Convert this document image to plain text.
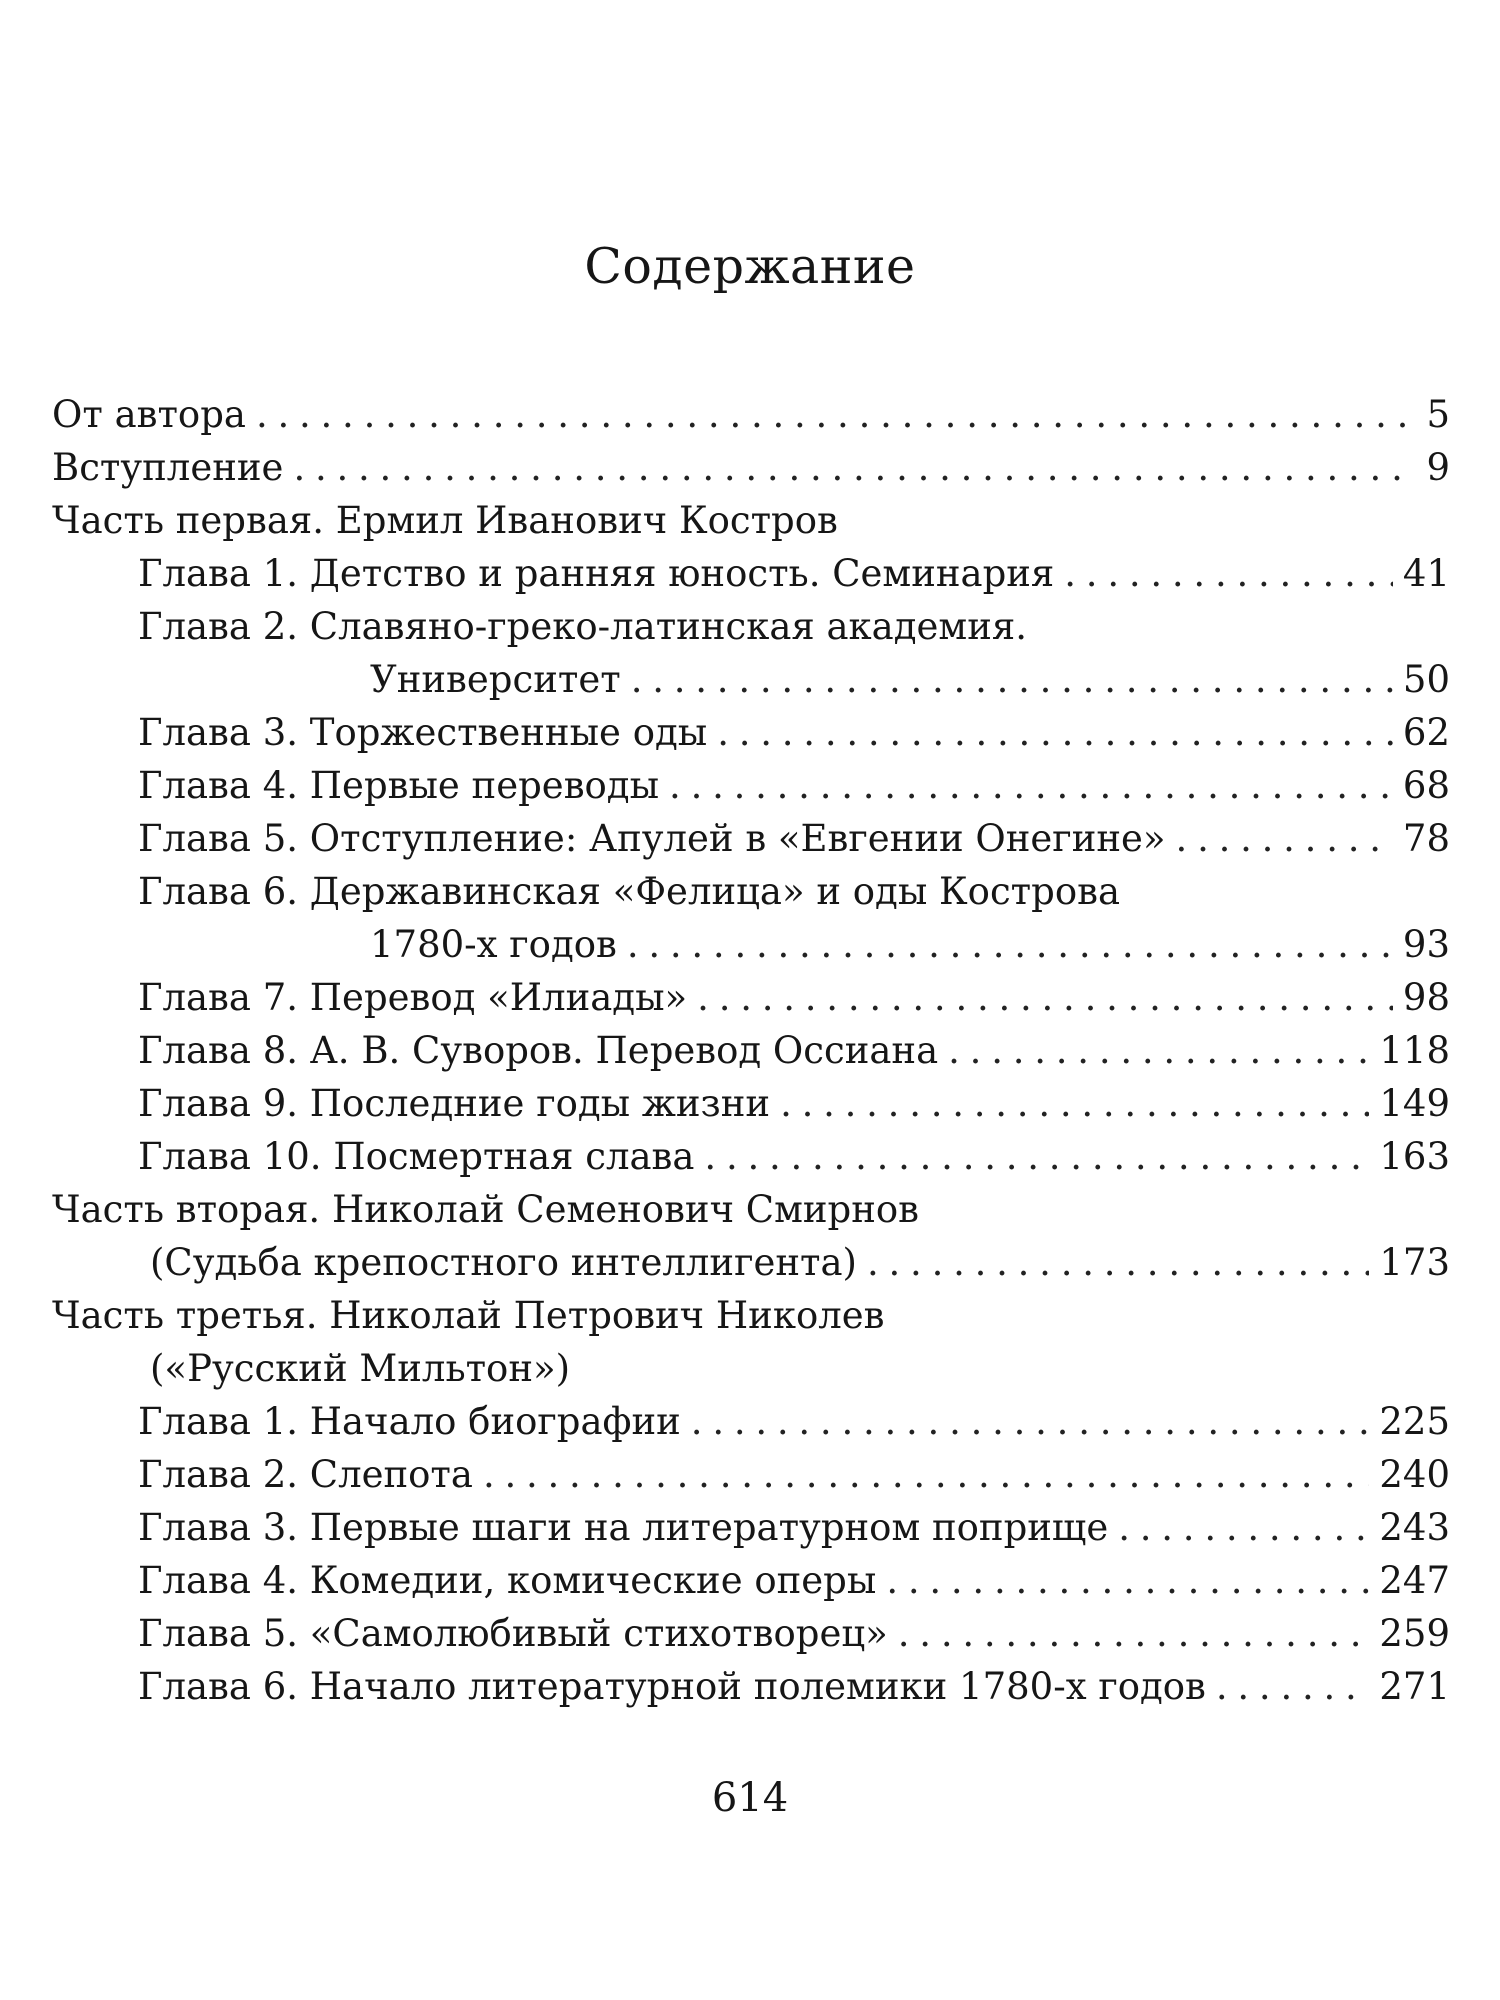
Содержание
От автора . . .	5
Вступление . . .	9
Часть первая. Ермил Иванович Костров
Глава 1. Детство и ранняя юность. Семинария . . .	41
Глава 2. Славяно-греко-латинская академия.
Университет . . .	50
Глава 3. Торжественные оды . . .	62
Глава 4. Первые переводы . . .	68
Глава 5. Отступление: Апулей в «Евгении Онегине» . . .	78
Глава 6. Державинская «Фелица» и оды Кострова
1780-х годов . . .	93
Глава 7. Перевод «Илиады» . . .	98
Глава 8. А. В. Суворов. Перевод Оссиана . . .	118
Глава 9. Последние годы жизни . . .	149
Глава 10. Посмертная слава . . .	163
Часть вторая. Николай Семенович Смирнов
(Судьба крепостного интеллигента) . . .	173
Часть третья. Николай Петрович Николев
(«Русский Мильтон»)
Глава 1. Начало биографии . . .	225
Глава 2. Слепота . . .	240
Глава 3. Первые шаги на литературном поприще . . .	243
Глава 4. Комедии, комические оперы . . .	247
Глава 5. «Самолюбивый стихотворец» . . .	259
Глава 6. Начало литературной полемики 1780-х годов . . .	271
614
